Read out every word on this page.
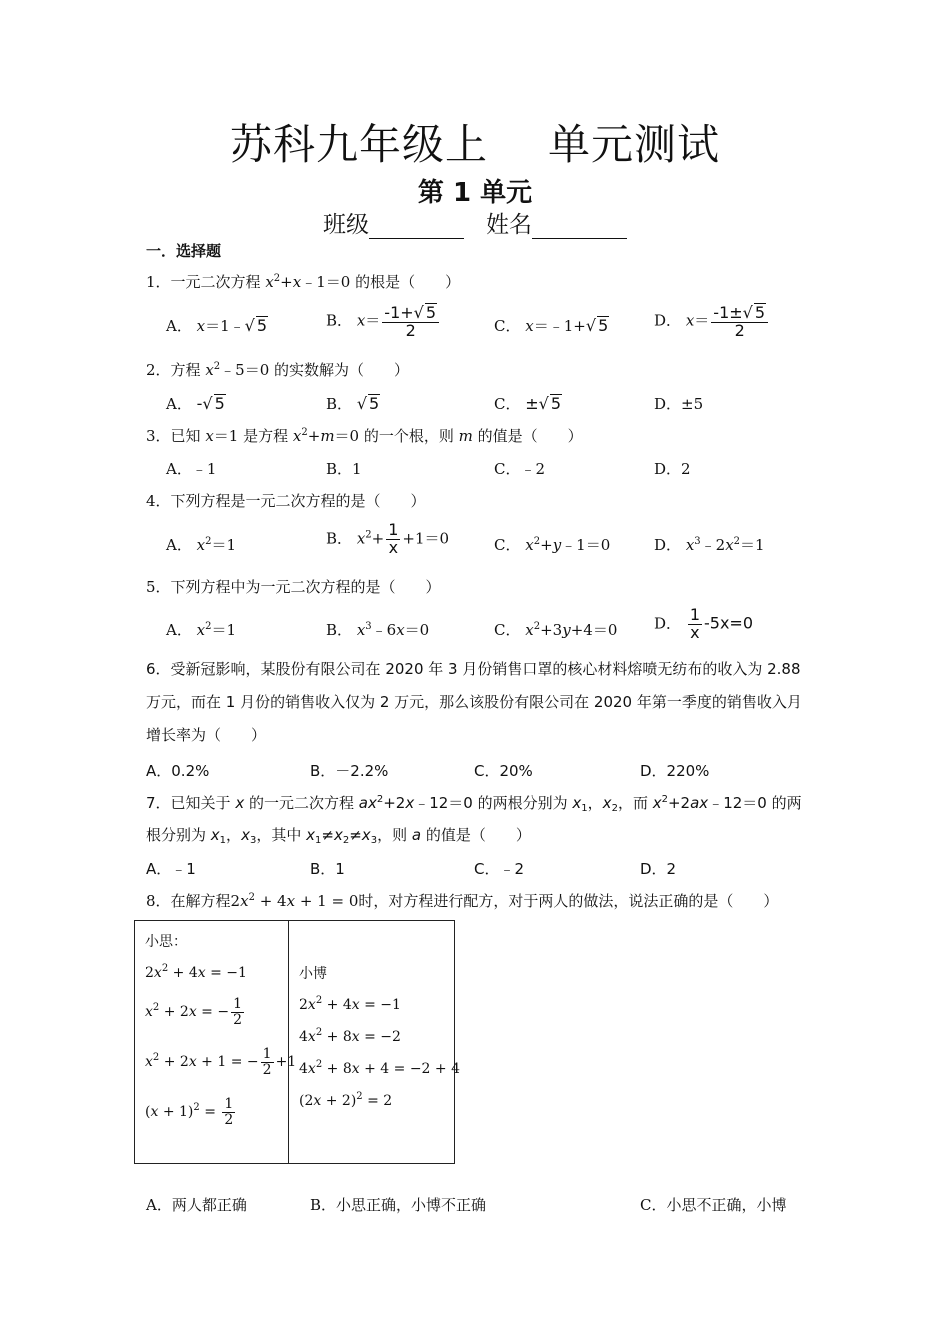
苏科九年级上 单元测试
第 1 单元
班级	姓名
一．选择题
1．一元二次方程 $x^2+x﹣1=0$ 的根是（　　）
A． x＝1﹣√ 5	B． $x= \frac{-1+√ 5}{2}$	C． x＝﹣1+√ 5	D． $x= \frac{-1\pm√ 5}{2}$
2．方程 $x^2﹣5=0$ 的实数解为（　　）
A． -√ 5	B． √ 5	C． ±√ 5	D．±5
3．已知 x＝1 是方程 $x^2+m=0$ 的一个根，则 m 的值是（　　）
A．﹣1	B．1	C．﹣2	D．2
4．下列方程是一元二次方程的是（　　）
A． $x^2=1$	B． $x^2+ \frac{1}{x} +1=0$	C． $x^2+y﹣1=0$	D． $x^3﹣2x^2=1$
5．下列方程中为一元二次方程的是（　　）
A． $x^2=1$	B． $x^3﹣6x=0$	C． $x^2+3y+4=0$ D． $\frac{1}{x} -5x=0$
6．受新冠影响，某股份有限公司在 2020 年 3 月份销售口罩的核心材料熔喷无纺布的收入为 2.88 万元，而在 1 月份的销售收入仅为 2 万元，那么该股份有限公司在 2020 年第一季度的销售收入月增长率为（　　）
A．0.2%	B．－2.2%	C．20%	D．220%
7．已知关于 x 的一元二次方程 $ax^2+2x﹣12=0$ 的两根分别为 $x_1$，$x_2$，而 $x^2+2ax﹣12=0$ 的两
根分别为 $x_1$，$x_3$，其中 $x_1\ne x_2\ne x_3$，则 a 的值是（　　）
A．﹣1	B．1	C．﹣2	D．2
8．在解方程$2x^2 + 4x + 1 = 0$时，对方程进行配方，对于两人的做法，说法正确的是（　　）
小思：
$2x^2 + 4x = -1$
$x^2 + 2x$ = − $\frac{1}{2}$
$x^2 + 2x + 1$ = − $\frac{1}{2} +1$
$(x + 1)^2 = \frac{1}{2}$

小博
$2x^2 + 4x = -1$
$4x^2 + 8x = -2$
$4x^2 + 8x + 4 = -2 + 4$
$(2x + 2)^2 = 2$
A．两人都正确	B．小思正确，小博不正确	C．小思不正确，小博
